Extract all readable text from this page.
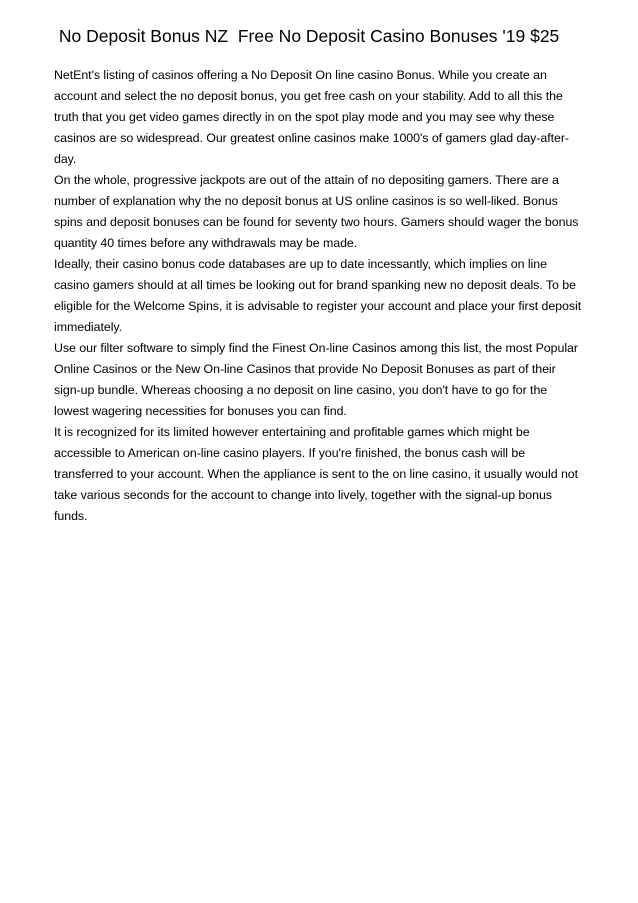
No Deposit Bonus NZ  Free No Deposit Casino Bonuses '19 $25

NetEnt's listing of casinos offering a No Deposit On line casino Bonus. While you create an account and select the no deposit bonus, you get free cash on your stability. Add to all this the truth that you get video games directly in on the spot play mode and you may see why these casinos are so widespread. Our greatest online casinos make 1000's of gamers glad day-after-day.

On the whole, progressive jackpots are out of the attain of no depositing gamers. There are a number of explanation why the no deposit bonus at US online casinos is so well-liked. Bonus spins and deposit bonuses can be found for seventy two hours. Gamers should wager the bonus quantity 40 times before any withdrawals may be made.

Ideally, their casino bonus code databases are up to date incessantly, which implies on line casino gamers should at all times be looking out for brand spanking new no deposit deals. To be eligible for the Welcome Spins, it is advisable to register your account and place your first deposit immediately.

Use our filter software to simply find the Finest On-line Casinos among this list, the most Popular Online Casinos or the New On-line Casinos that provide No Deposit Bonuses as part of their sign-up bundle. Whereas choosing a no deposit on line casino, you don't have to go for the lowest wagering necessities for bonuses you can find.

It is recognized for its limited however entertaining and profitable games which might be accessible to American on-line casino players. If you're finished, the bonus cash will be transferred to your account. When the appliance is sent to the on line casino, it usually would not take various seconds for the account to change into lively, together with the signal-up bonus funds.
